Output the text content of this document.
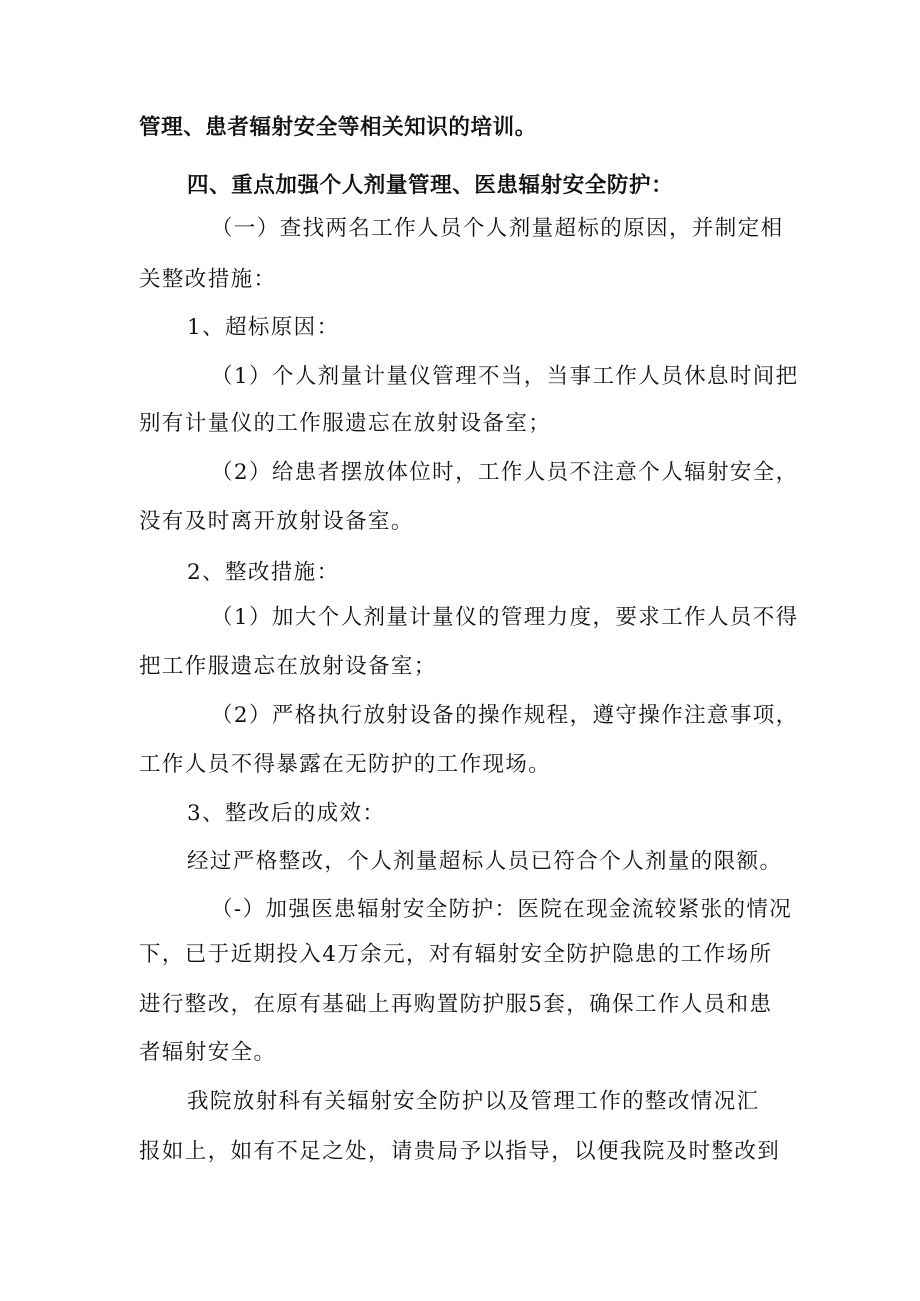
管理、患者辐射安全等相关知识的培训。
四、重点加强个人剂量管理、医患辐射安全防护：
（一）查找两名工作人员个人剂量超标的原因，并制定相
关整改措施：
1、超标原因：
（1）个人剂量计量仪管理不当，当事工作人员休息时间把
别有计量仪的工作服遗忘在放射设备室；
（2）给患者摆放体位时，工作人员不注意个人辐射安全，
没有及时离开放射设备室。
2、整改措施：
（1）加大个人剂量计量仪的管理力度，要求工作人员不得
把工作服遗忘在放射设备室；
（2）严格执行放射设备的操作规程，遵守操作注意事项，
工作人员不得暴露在无防护的工作现场。
3、整改后的成效：
经过严格整改，个人剂量超标人员已符合个人剂量的限额。
（-）加强医患辐射安全防护：医院在现金流较紧张的情况
下，已于近期投入4万余元，对有辐射安全防护隐患的工作场所
进行整改，在原有基础上再购置防护服5套，确保工作人员和患
者辐射安全。
我院放射科有关辐射安全防护以及管理工作的整改情况汇
报如上，如有不足之处，请贵局予以指导，以便我院及时整改到
